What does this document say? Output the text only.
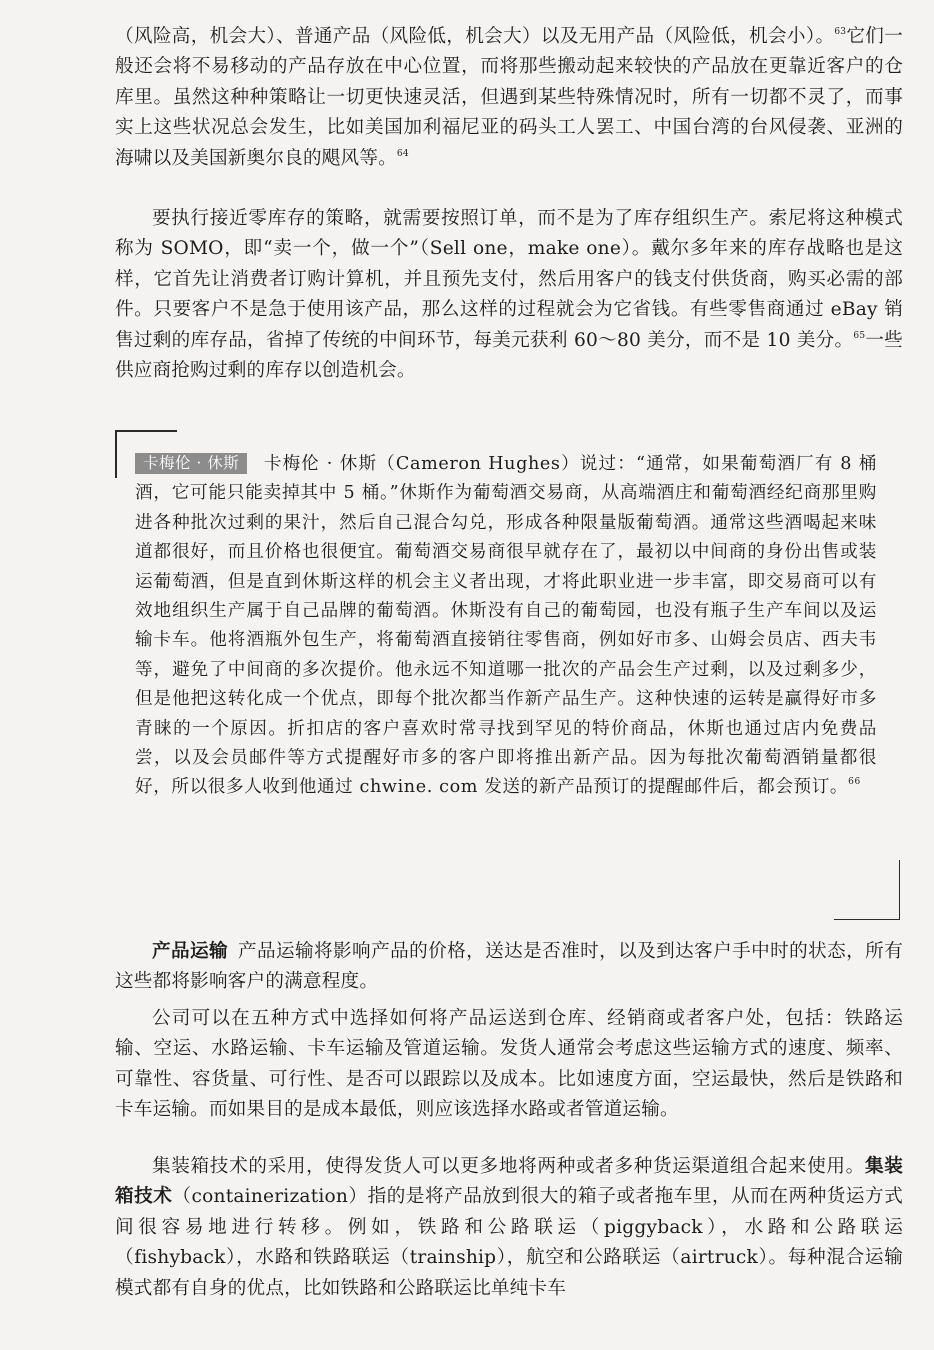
（风险高，机会大）、普通产品（风险低，机会大）以及无用产品（风险低，机会小）。$^{63}$它们一般还会将不易移动的产品存放在中心位置，而将那些搬动起来较快的产品放在更靠近客户的仓库里。虽然这种种策略让一切更快速灵活，但遇到某些特殊情况时，所有一切都不灵了，而事实上这些状况总会发生，比如美国加利福尼亚的码头工人罢工、中国台湾的台风侵袭、亚洲的海啸以及美国新奥尔良的飓风等。$^{64}$

要执行接近零库存的策略，就需要按照订单，而不是为了库存组织生产。索尼将这种模式称为 SOMO，即“卖一个，做一个”（Sell one，make one）。戴尔多年来的库存战略也是这样，它首先让消费者订购计算机，并且预先支付，然后用客户的钱支付供货商，购买必需的部件。只要客户不是急于使用该产品，那么这样的过程就会为它省钱。有些零售商通过 eBay 销售过剩的库存品，省掉了传统的中间环节，每美元获利 60～80 美分，而不是 10 美分。$^{65}$一些供应商抢购过剩的库存以创造机会。

卡梅伦 · 休斯 卡梅伦 · 休斯（Cameron Hughes）说过：“通常，如果葡萄酒厂有 8 桶酒，它可能只能卖掉其中 5 桶。”休斯作为葡萄酒交易商，从高端酒庄和葡萄酒经纪商那里购进各种批次过剩的果汁，然后自己混合勾兑，形成各种限量版葡萄酒。通常这些酒喝起来味道都很好，而且价格也很便宜。葡萄酒交易商很早就存在了，最初以中间商的身份出售或装运葡萄酒，但是直到休斯这样的机会主义者出现，才将此职业进一步丰富，即交易商可以有效地组织生产属于自己品牌的葡萄酒。休斯没有自己的葡萄园，也没有瓶子生产车间以及运输卡车。他将酒瓶外包生产，将葡萄酒直接销往零售商，例如好市多、山姆会员店、西夫韦等，避免了中间商的多次提价。他永远不知道哪一批次的产品会生产过剩，以及过剩多少，但是他把这转化成一个优点，即每个批次都当作新产品生产。这种快速的运转是赢得好市多青睐的一个原因。折扣店的客户喜欢时常寻找到罕见的特价商品，休斯也通过店内免费品尝，以及会员邮件等方式提醒好市多的客户即将推出新产品。因为每批次葡萄酒销量都很好，所以很多人收到他通过 chwine. com 发送的新产品预订的提醒邮件后，都会预订。$^{66}$

产品运输 产品运输将影响产品的价格，送达是否准时，以及到达客户手中时的状态，所有这些都将影响客户的满意程度。

公司可以在五种方式中选择如何将产品运送到仓库、经销商或者客户处，包括：铁路运输、空运、水路运输、卡车运输及管道运输。发货人通常会考虑这些运输方式的速度、频率、可靠性、容货量、可行性、是否可以跟踪以及成本。比如速度方面，空运最快，然后是铁路和卡车运输。而如果目的是成本最低，则应该选择水路或者管道运输。

集装箱技术的采用，使得发货人可以更多地将两种或者多种货运渠道组合起来使用。集装箱技术（containerization）指的是将产品放到很大的箱子或者拖车里，从而在两种货运方式间很容易地进行转移。例如，铁路和公路联运（piggyback），水路和公路联运（fishyback），水路和铁路联运（trainship），航空和公路联运（airtruck）。每种混合运输模式都有自身的优点，比如铁路和公路联运比单纯卡车
